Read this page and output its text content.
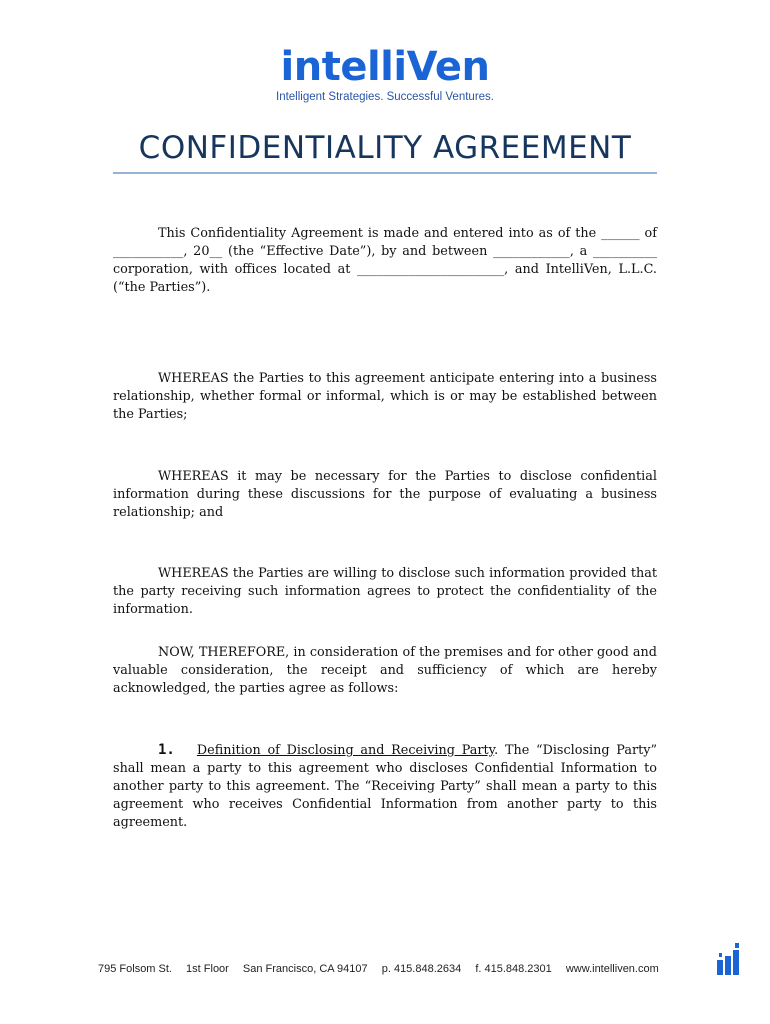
intelliVen
Intelligent Strategies. Successful Ventures.
CONFIDENTIALITY AGREEMENT

This Confidentiality Agreement is made and entered into as of the ______ of ___________, 20__ (the “Effective Date”), by and between ____________, a __________ corporation, with offices located at _______________________, and IntelliVen, L.L.C. (“the Parties”).

WHEREAS the Parties to this agreement anticipate entering into a business relationship, whether formal or informal, which is or may be established between the Parties;

WHEREAS it may be necessary for the Parties to disclose confidential information during these discussions for the purpose of evaluating a business relationship; and

WHEREAS the Parties are willing to disclose such information provided that the party receiving such information agrees to protect the confidentiality of the information.

NOW, THEREFORE, in consideration of the premises and for other good and valuable consideration, the receipt and sufficiency of which are hereby acknowledged, the parties agree as follows:

1. Definition of Disclosing and Receiving Party. The “Disclosing Party” shall mean a party to this agreement who discloses Confidential Information to another party to this agreement. The “Receiving Party” shall mean a party to this agreement who receives Confidential Information from another party to this agreement.

795 Folsom St. 1st Floor San Francisco, CA 94107 p. 415.848.2634 f. 415.848.2301 www.intelliven.com
